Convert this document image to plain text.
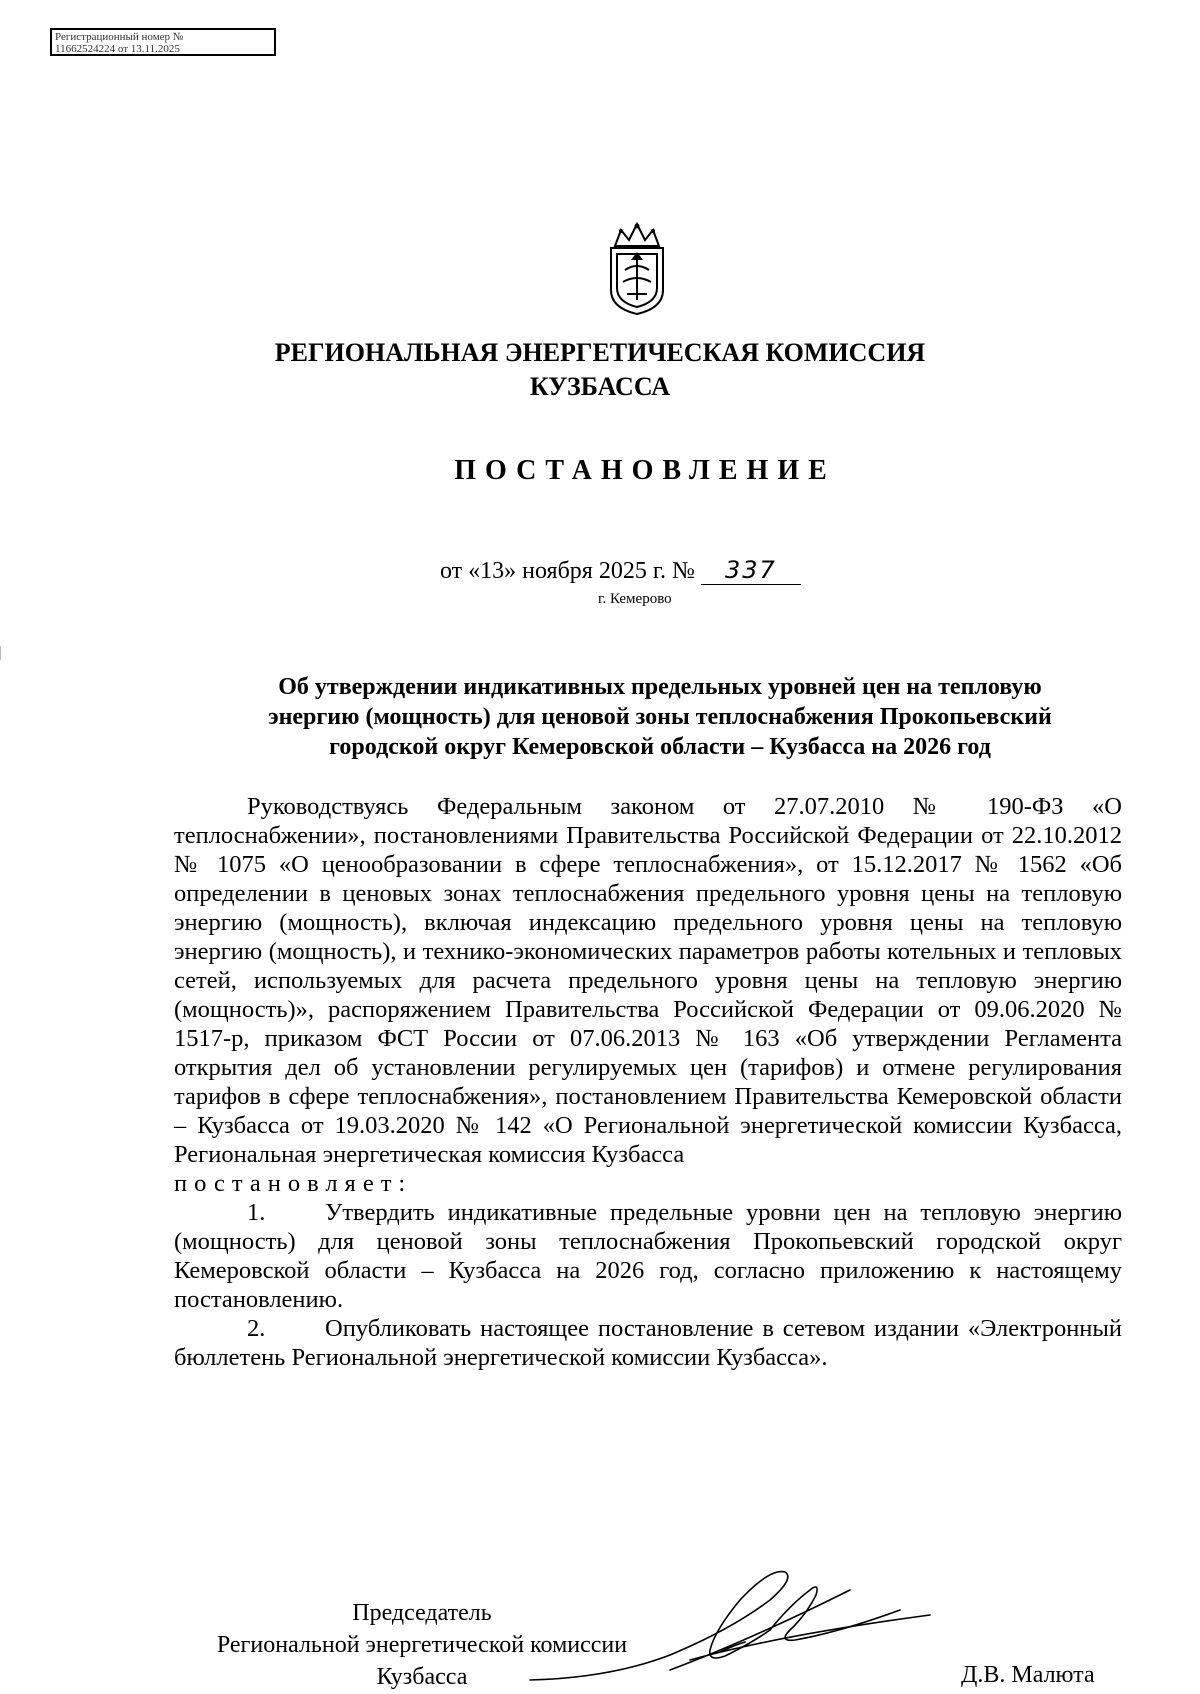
Регистрационный номер №
11662524224 от 13.11.2025
РЕГИОНАЛЬНАЯ ЭНЕРГЕТИЧЕСКАЯ КОМИССИЯ
КУЗБАССА
ПОСТАНОВЛЕНИЕ
от «13» ноября 2025 г. № 337
г. Кемерово
Об утверждении индикативных предельных уровней цен на тепловую
энергию (мощность) для ценовой зоны теплоснабжения Прокопьевский
городской округ Кемеровской области – Кузбасса на 2026 год

Руководствуясь Федеральным законом от 27.07.2010 № 190-ФЗ «О теплоснабжении», постановлениями Правительства Российской Федерации от 22.10.2012 № 1075 «О ценообразовании в сфере теплоснабжения», от 15.12.2017 № 1562 «Об определении в ценовых зонах теплоснабжения предельного уровня цены на тепловую энергию (мощность), включая индексацию предельного уровня цены на тепловую энергию (мощность), и технико-экономических параметров работы котельных и тепловых сетей, используемых для расчета предельного уровня цены на тепловую энергию (мощность)», распоряжением Правительства Российской Федерации от 09.06.2020 № 1517-р, приказом ФСТ России от 07.06.2013 № 163 «Об утверждении Регламента открытия дел об установлении регулируемых цен (тарифов) и отмене регулирования тарифов в сфере теплоснабжения», постановлением Правительства Кемеровской области – Кузбасса от 19.03.2020 № 142 «О Региональной энергетической комиссии Кузбасса, Региональная энергетическая комиссия Кузбасса

постановляет:

1. Утвердить индикативные предельные уровни цен на тепловую энергию (мощность) для ценовой зоны теплоснабжения Прокопьевский городской округ Кемеровской области – Кузбасса на 2026 год, согласно приложению к настоящему постановлению.

2. Опубликовать настоящее постановление в сетевом издании «Электронный бюллетень Региональной энергетической комиссии Кузбасса».

Председатель
Региональной энергетической комиссии
Кузбасса	Д.В. Малюта
